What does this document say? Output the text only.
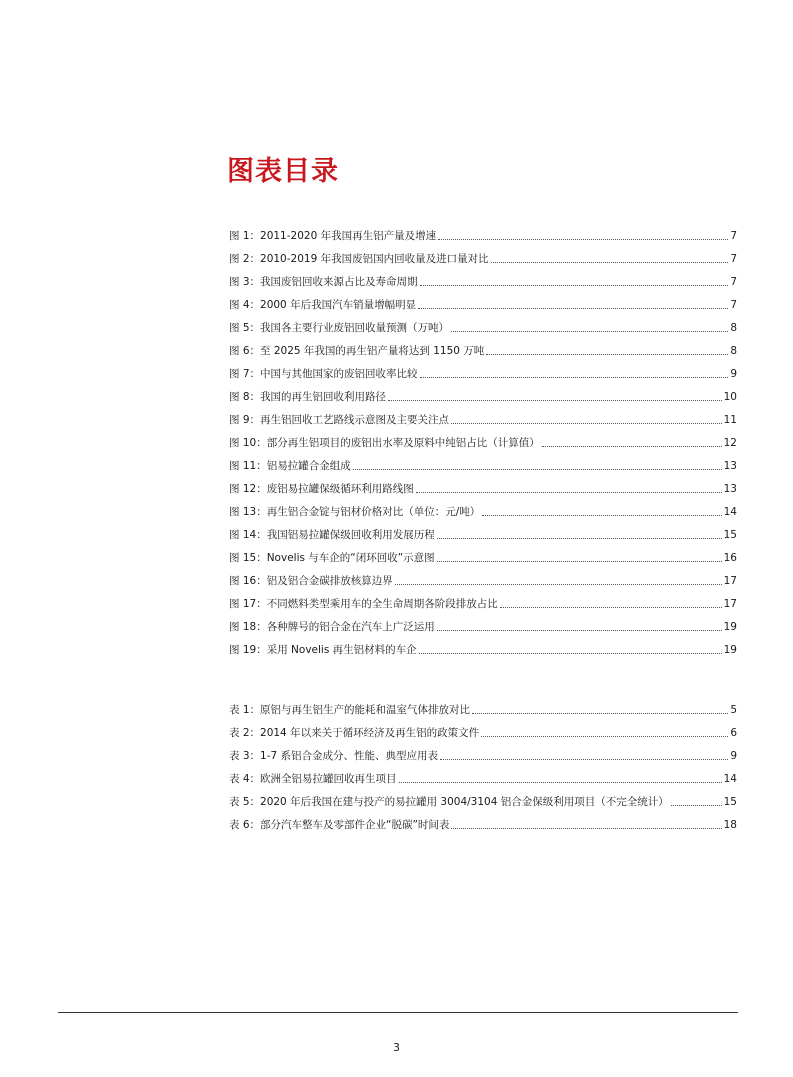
图表目录
图 1：2011-2020 年我国再生铝产量及增速	7
图 2：2010-2019 年我国废铝国内回收量及进口量对比	7
图 3：我国废铝回收来源占比及寿命周期	7
图 4：2000 年后我国汽车销量增幅明显	7
图 5：我国各主要行业废铝回收量预测（万吨）	8
图 6：至 2025 年我国的再生铝产量将达到 1150 万吨	8
图 7：中国与其他国家的废铝回收率比较	9
图 8：我国的再生铝回收利用路径	10
图 9：再生铝回收工艺路线示意图及主要关注点	11
图 10：部分再生铝项目的废铝出水率及原料中纯铝占比（计算值）	12
图 11：铝易拉罐合金组成	13
图 12：废铝易拉罐保级循环利用路线图	13
图 13：再生铝合金锭与铝材价格对比（单位：元/吨）	14
图 14：我国铝易拉罐保级回收利用发展历程	15
图 15：Novelis 与车企的“闭环回收”示意图	16
图 16：铝及铝合金碳排放核算边界	17
图 17：不同燃料类型乘用车的全生命周期各阶段排放占比	17
图 18：各种牌号的铝合金在汽车上广泛运用	19
图 19：采用 Novelis 再生铝材料的车企	19
表 1：原铝与再生铝生产的能耗和温室气体排放对比	5
表 2：2014 年以来关于循环经济及再生铝的政策文件	6
表 3：1-7 系铝合金成分、性能、典型应用表	9
表 4：欧洲全铝易拉罐回收再生项目	14
表 5：2020 年后我国在建与投产的易拉罐用 3004/3104 铝合金保级利用项目（不完全统计）	15
表 6：部分汽车整车及零部件企业“脱碳”时间表	18
3
